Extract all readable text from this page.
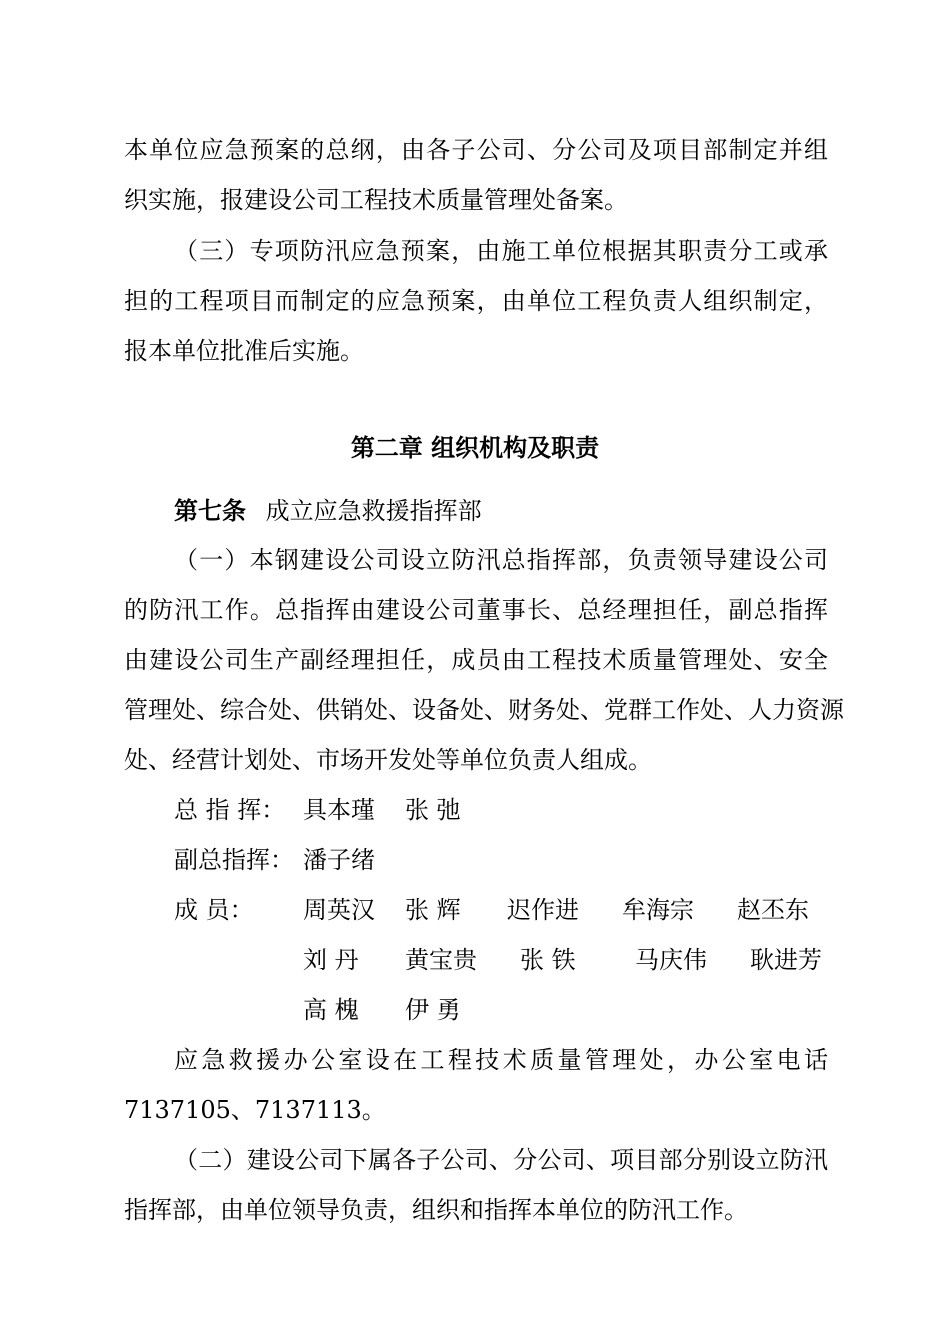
本单位应急预案的总纲，由各子公司、分公司及项目部制定并组

织实施，报建设公司工程技术质量管理处备案。

（三）专项防汛应急预案，由施工单位根据其职责分工或承

担的工程项目而制定的应急预案，由单位工程负责人组织制定，

报本单位批准后实施。

第二章 组织机构及职责
第七条 成立应急救援指挥部

（一）本钢建设公司设立防汛总指挥部，负责领导建设公司

的防汛工作。总指挥由建设公司董事长、总经理担任，副总指挥

由建设公司生产副经理担任，成员由工程技术质量管理处、安全

管理处、综合处、供销处、设备处、财务处、党群工作处、人力资源

处、经营计划处、市场开发处等单位负责人组成。

总 指 挥： 具本瑾 张 弛
副总指挥： 潘子绪
成 员： 周英汉 张 辉 迟作进 牟海宗 赵丕东
刘 丹 黄宝贵 张 铁 马庆伟 耿进芳
高 槐 伊 勇

应急救援办公室设在工程技术质量管理处，办公室电话

7137105、7137113。

（二）建设公司下属各子公司、分公司、项目部分别设立防汛

指挥部，由单位领导负责，组织和指挥本单位的防汛工作。
